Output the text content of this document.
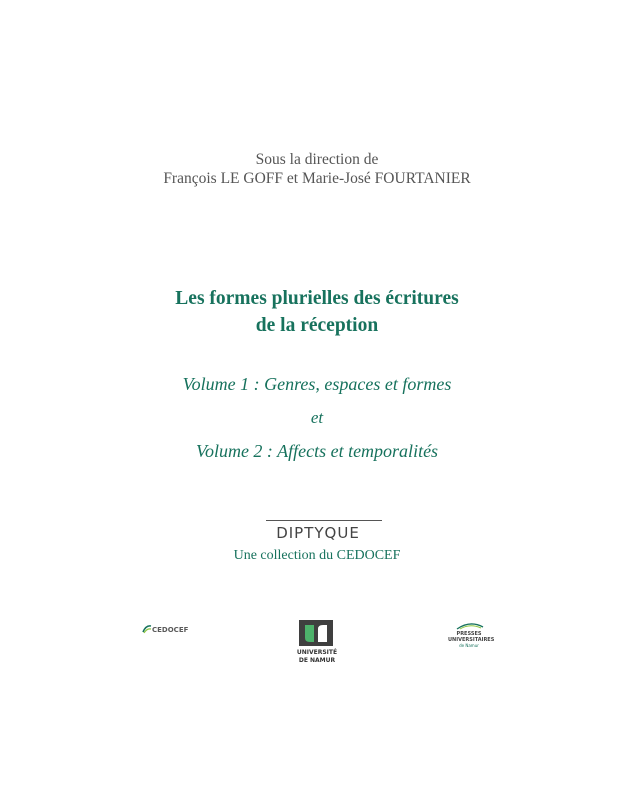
Sous la direction de
François LE GOFF et Marie-José FOURTANIER
Les formes plurielles des écritures
de la réception
Volume 1 : Genres, espaces et formes
et
Volume 2 : Affects et temporalités
DIPTYQUE
Une collection du CEDOCEF
CEDOCEF
UNIVERSITÉ
DE NAMUR
PRESSES
UNIVERSITAIRES
de Namur
